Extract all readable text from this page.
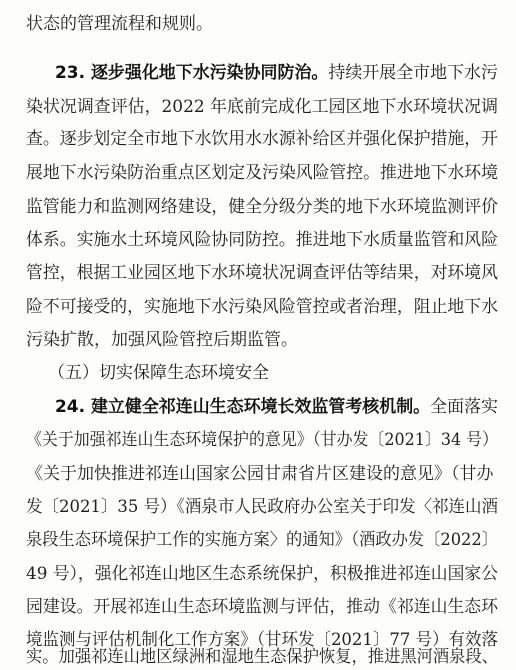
状态的管理流程和规则。
23. 逐步强化地下水污染协同防治。持续开展全市地下水污
染状况调查评估，2022 年底前完成化工园区地下水环境状况调
查。逐步划定全市地下水饮用水水源补给区并强化保护措施，开
展地下水污染防治重点区划定及污染风险管控。推进地下水环境
监管能力和监测网络建设，健全分级分类的地下水环境监测评价
体系。实施水土环境风险协同防控。推进地下水质量监管和风险
管控，根据工业园区地下水环境状况调查评估等结果，对环境风
险不可接受的，实施地下水污染风险管控或者治理，阻止地下水
污染扩散，加强风险管控后期监管。
（五）切实保障生态环境安全
24. 建立健全祁连山生态环境长效监管考核机制。全面落实
《关于加强祁连山生态环境保护的意见》（甘办发〔2021〕34 号）
《关于加快推进祁连山国家公园甘肃省片区建设的意见》（甘办
发〔2021〕35 号）《酒泉市人民政府办公室关于印发〈祁连山酒
泉段生态环境保护工作的实施方案〉的通知》（酒政办发〔2022〕
49 号），强化祁连山地区生态系统保护，积极推进祁连山国家公
园建设。开展祁连山生态环境监测与评估，推动《祁连山生态环
境监测与评估机制化工作方案》（甘环发〔2021〕77 号）有效落
实。加强祁连山地区绿洲和湿地生态保护恢复，推进黑河酒泉段、
